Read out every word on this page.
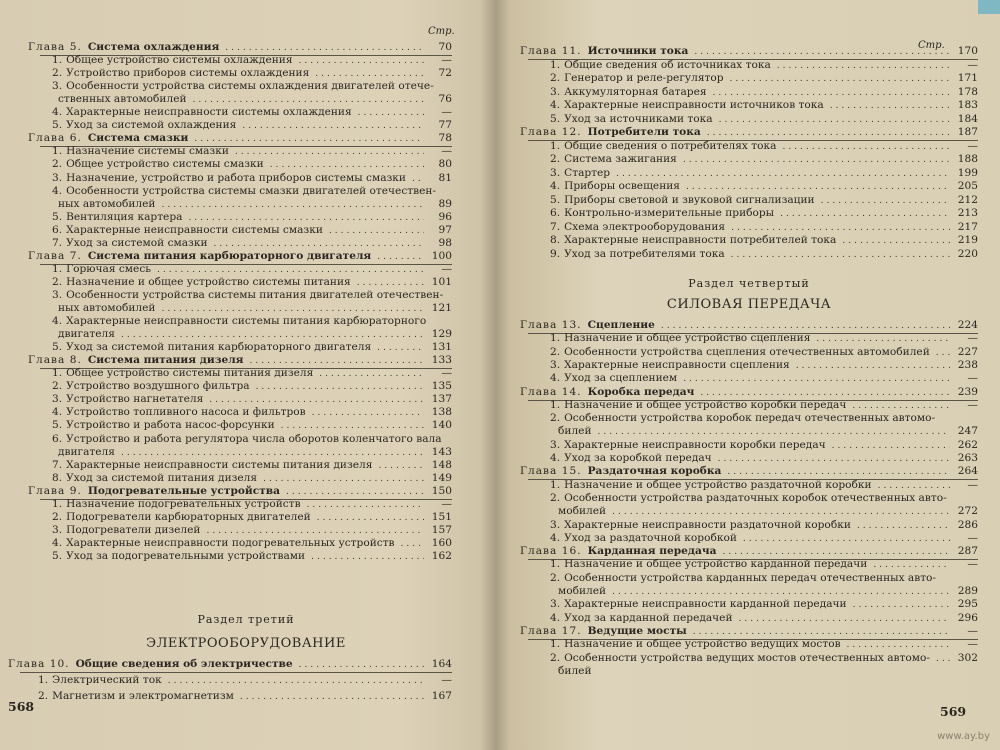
Стр.
Глава 5. Система охлаждения .....	70
1. Общее устройство системы охлаждения .....	—
2. Устройство приборов системы охлаждения .....	72
3. Особенности устройства системы охлаждения двигателей отече-
ственных автомобилей .....	76
4. Характерные неисправности системы охлаждения .....	—
5. Уход за системой охлаждения .....	77
Глава 6. Система смазки .....	78
1. Назначение системы смазки .....	—
2. Общее устройство системы смазки .....	80
3. Назначение, устройство и работа приборов системы смазки .....	81
4. Особенности устройства системы смазки двигателей отечествен-
ных автомобилей .....	89
5. Вентиляция картера .....	96
6. Характерные неисправности системы смазки .....	97
7. Уход за системой смазки .....	98
Глава 7. Система питания карбюраторного двигателя .....	100
1. Горючая смесь .....	—
2. Назначение и общее устройство системы питания .....	101
3. Особенности устройства системы питания двигателей отечествен-
ных автомобилей .....	121
4. Характерные неисправности системы питания карбюраторного
двигателя .....	129
5. Уход за системой питания карбюраторного двигателя .....	131
Глава 8. Система питания дизеля .....	133
1. Общее устройство системы питания дизеля .....	—
2. Устройство воздушного фильтра .....	135
3. Устройство нагнетателя .....	137
4. Устройство топливного насоса и фильтров .....	138
5. Устройство и работа насос-форсунки .....	140
6. Устройство и работа регулятора числа оборотов коленчатого вала
двигателя .....	143
7. Характерные неисправности системы питания дизеля .....	148
8. Уход за системой питания дизеля .....	149
Глава 9. Подогревательные устройства .....	150
1. Назначение подогревательных устройств .....	—
2. Подогреватели карбюраторных двигателей .....	151
3. Подогреватели дизелей .....	157
4. Характерные неисправности подогревательных устройств .....	160
5. Уход за подогревательными устройствами .....	162
Раздел третий
ЭЛЕКТРООБОРУДОВАНИЕ
Глава 10. Общие сведения об электричестве .....	164
1. Электрический ток .....	—
2. Магнетизм и электромагнетизм .....	167
568
Стр.
Глава 11. Источники тока .....	170
1. Общие сведения об источниках тока .....	—
2. Генератор и реле-регулятор .....	171
3. Аккумуляторная батарея .....	178
4. Характерные неисправности источников тока .....	183
5. Уход за источниками тока .....	184
Глава 12. Потребители тока .....	187
1. Общие сведения о потребителях тока .....	—
2. Система зажигания .....	188
3. Стартер .....	199
4. Приборы освещения .....	205
5. Приборы световой и звуковой сигнализации .....	212
6. Контрольно-измерительные приборы .....	213
7. Схема электрооборудования .....	217
8. Характерные неисправности потребителей тока .....	219
9. Уход за потребителями тока .....	220
Раздел четвертый
СИЛОВАЯ ПЕРЕДАЧА
Глава 13. Сцепление .....	224
1. Назначение и общее устройство сцепления .....	—
2. Особенности устройства сцепления отечественных автомобилей .....	227
3. Характерные неисправности сцепления .....	238
4. Уход за сцеплением .....	—
Глава 14. Коробка передач .....	239
1. Назначение и общее устройство коробки передач .....	—
2. Особенности устройства коробок передач отечественных автомо-
билей .....	247
3. Характерные неисправности коробки передач .....	262
4. Уход за коробкой передач .....	263
Глава 15. Раздаточная коробка .....	264
1. Назначение и общее устройство раздаточной коробки .....	—
2. Особенности устройства раздаточных коробок отечественных авто-
мобилей .....	272
3. Характерные неисправности раздаточной коробки .....	286
4. Уход за раздаточной коробкой .....	—
Глава 16. Карданная передача .....	287
1. Назначение и общее устройство карданной передачи .....	—
2. Особенности устройства карданных передач отечественных авто-
мобилей .....	289
3. Характерные неисправности карданной передачи .....	295
4. Уход за карданной передачей .....	296
Глава 17. Ведущие мосты .....	—
1. Назначение и общее устройство ведущих мостов .....	—
2. Особенности устройства ведущих мостов отечественных автомо- .....	302
билей
569
www.ay.by
